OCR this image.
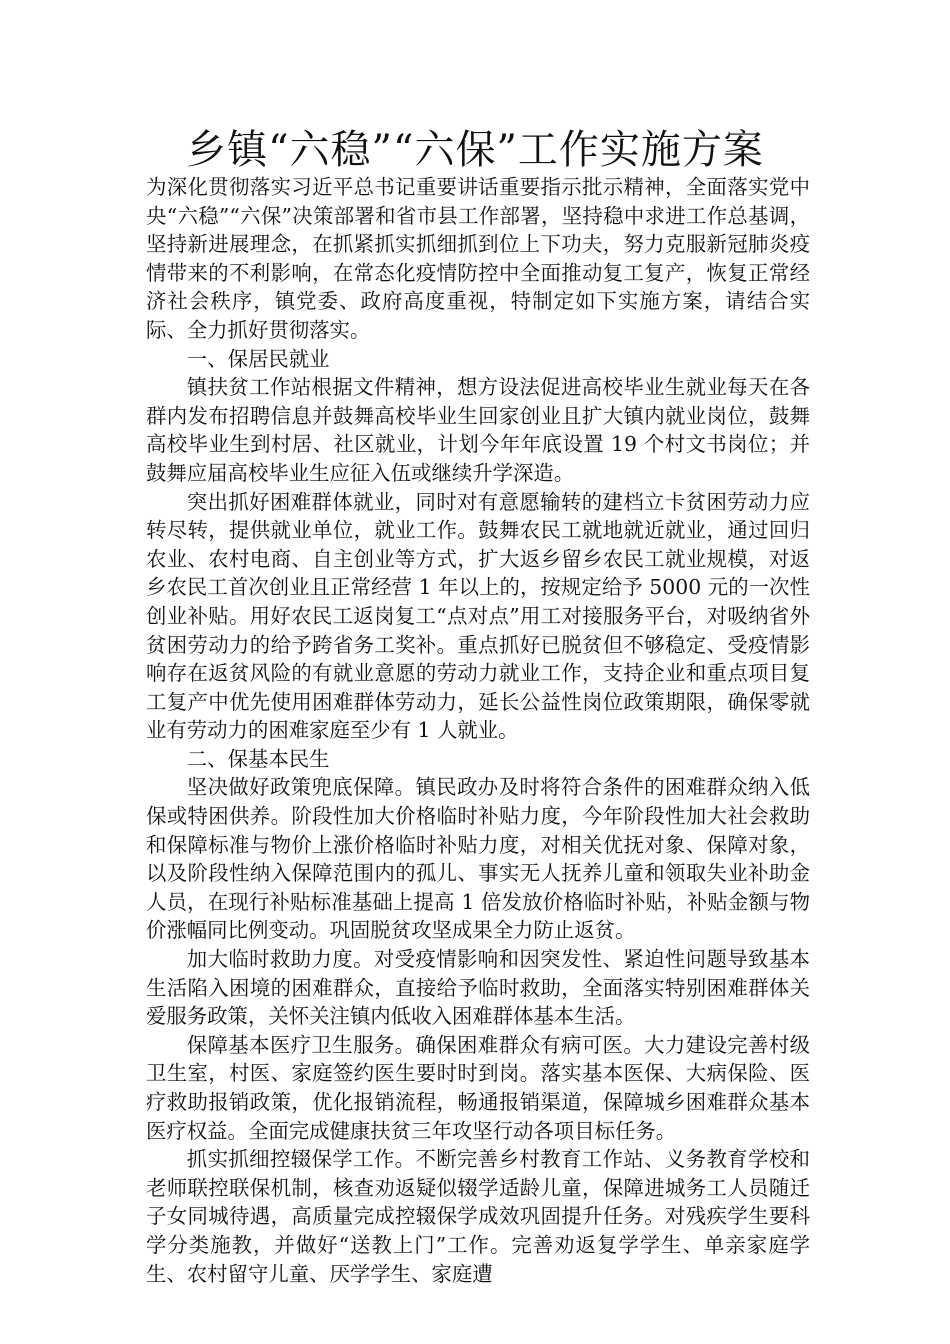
乡镇“六稳”“六保”工作实施方案

为深化贯彻落实习近平总书记重要讲话重要指示批示精神，全面落实党中央“六稳”“六保”决策部署和省市县工作部署，坚持稳中求进工作总基调，坚持新进展理念，在抓紧抓实抓细抓到位上下功夫，努力克服新冠肺炎疫情带来的不利影响，在常态化疫情防控中全面推动复工复产，恢复正常经济社会秩序，镇党委、政府高度重视，特制定如下实施方案，请结合实际、全力抓好贯彻落实。

一、保居民就业

镇扶贫工作站根据文件精神，想方设法促进高校毕业生就业每天在各群内发布招聘信息并鼓舞高校毕业生回家创业且扩大镇内就业岗位，鼓舞高校毕业生到村居、社区就业，计划今年年底设置 19 个村文书岗位；并鼓舞应届高校毕业生应征入伍或继续升学深造。

突出抓好困难群体就业，同时对有意愿输转的建档立卡贫困劳动力应转尽转，提供就业单位，就业工作。鼓舞农民工就地就近就业，通过回归农业、农村电商、自主创业等方式，扩大返乡留乡农民工就业规模，对返乡农民工首次创业且正常经营 1 年以上的，按规定给予 5000 元的一次性创业补贴。用好农民工返岗复工“点对点”用工对接服务平台，对吸纳省外贫困劳动力的给予跨省务工奖补。重点抓好已脱贫但不够稳定、受疫情影响存在返贫风险的有就业意愿的劳动力就业工作，支持企业和重点项目复工复产中优先使用困难群体劳动力，延长公益性岗位政策期限，确保零就业有劳动力的困难家庭至少有 1 人就业。

二、保基本民生

坚决做好政策兜底保障。镇民政办及时将符合条件的困难群众纳入低保或特困供养。阶段性加大价格临时补贴力度，今年阶段性加大社会救助和保障标准与物价上涨价格临时补贴力度，对相关优抚对象、保障对象，以及阶段性纳入保障范围内的孤儿、事实无人抚养儿童和领取失业补助金人员，在现行补贴标准基础上提高 1 倍发放价格临时补贴，补贴金额与物价涨幅同比例变动。巩固脱贫攻坚成果全力防止返贫。

加大临时救助力度。对受疫情影响和因突发性、紧迫性问题导致基本生活陷入困境的困难群众，直接给予临时救助，全面落实特别困难群体关爱服务政策，关怀关注镇内低收入困难群体基本生活。

保障基本医疗卫生服务。确保困难群众有病可医。大力建设完善村级卫生室，村医、家庭签约医生要时时到岗。落实基本医保、大病保险、医疗救助报销政策，优化报销流程，畅通报销渠道，保障城乡困难群众基本医疗权益。全面完成健康扶贫三年攻坚行动各项目标任务。

抓实抓细控辍保学工作。不断完善乡村教育工作站、义务教育学校和老师联控联保机制，核查劝返疑似辍学适龄儿童，保障进城务工人员随迁子女同城待遇，高质量完成控辍保学成效巩固提升任务。对残疾学生要科学分类施教，并做好“送教上门”工作。完善劝返复学学生、单亲家庭学生、农村留守儿童、厌学学生、家庭遭
